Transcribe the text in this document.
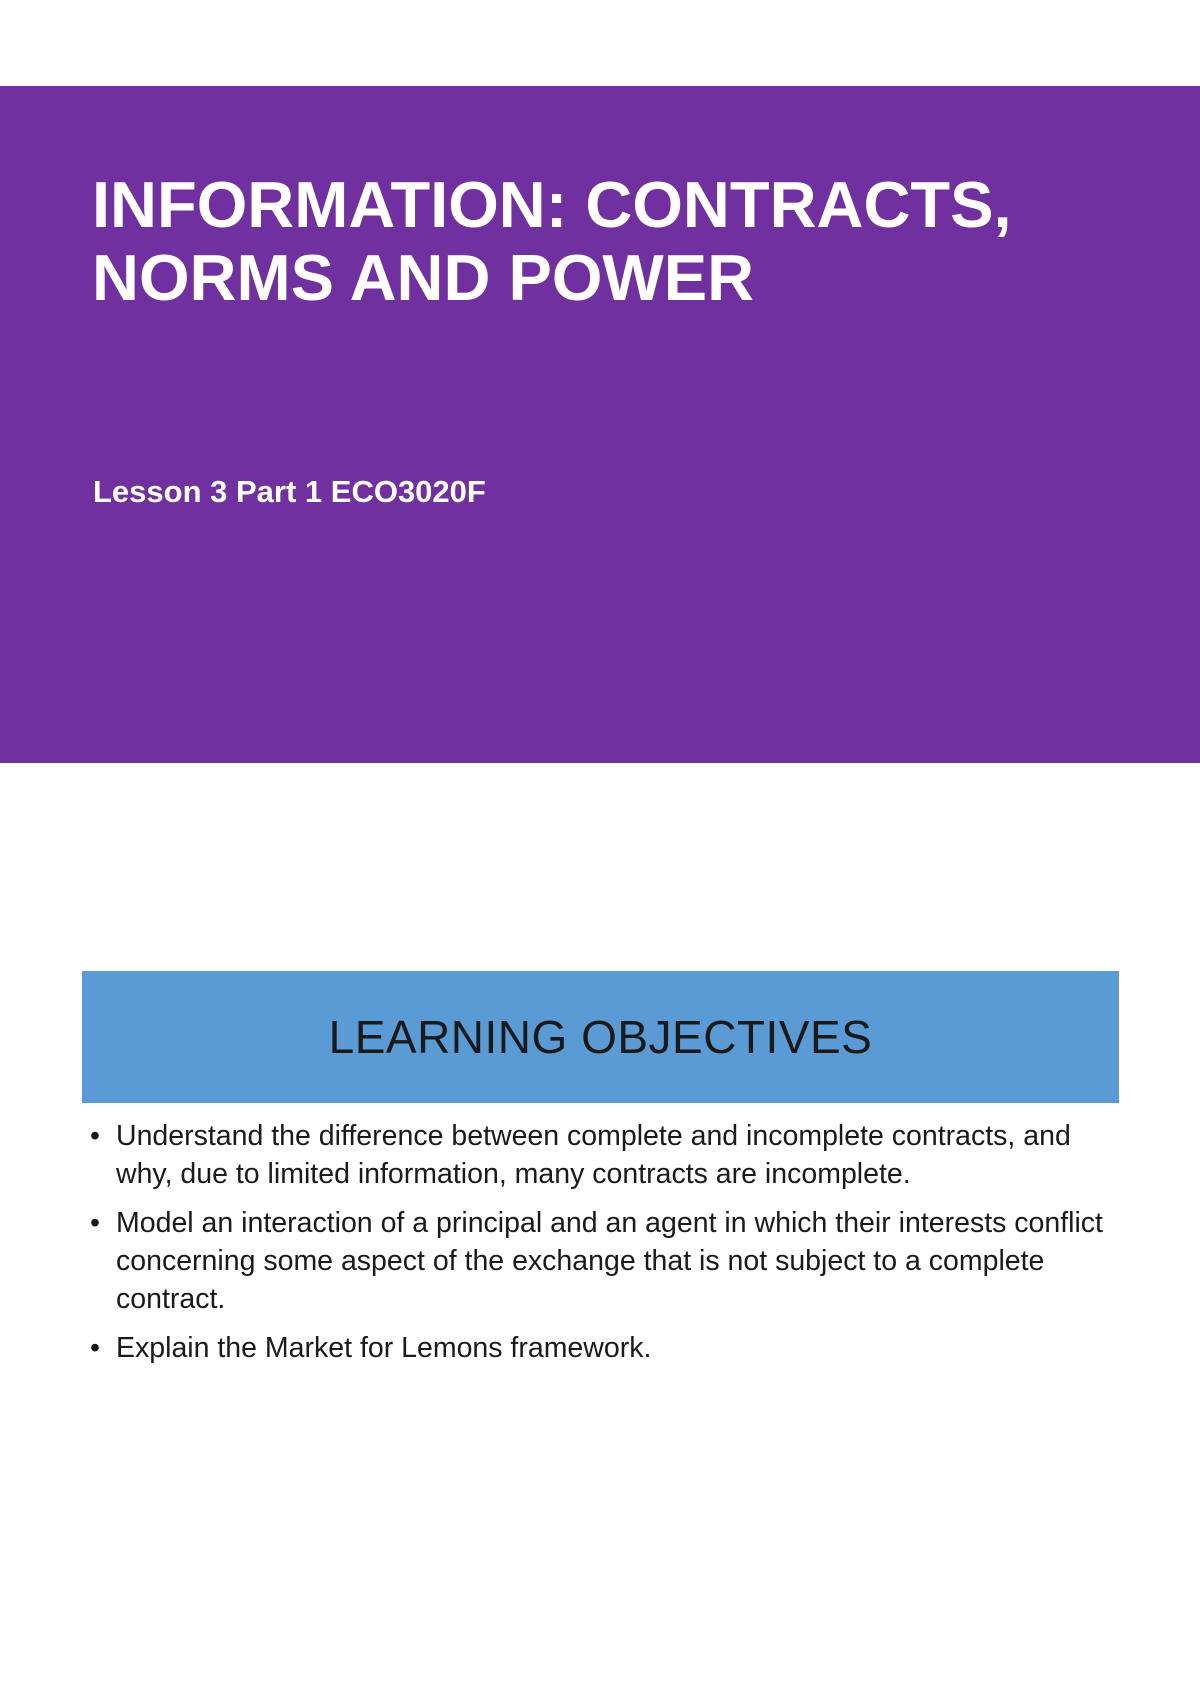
INFORMATION: CONTRACTS,
NORMS AND POWER

Lesson 3 Part 1 ECO3020F

LEARNING OBJECTIVES
• Understand the difference between complete and incomplete contracts, and why, due to limited information, many contracts are incomplete.
• Model an interaction of a principal and an agent in which their interests conflict concerning some aspect of the exchange that is not subject to a complete contract.
• Explain the Market for Lemons framework.
